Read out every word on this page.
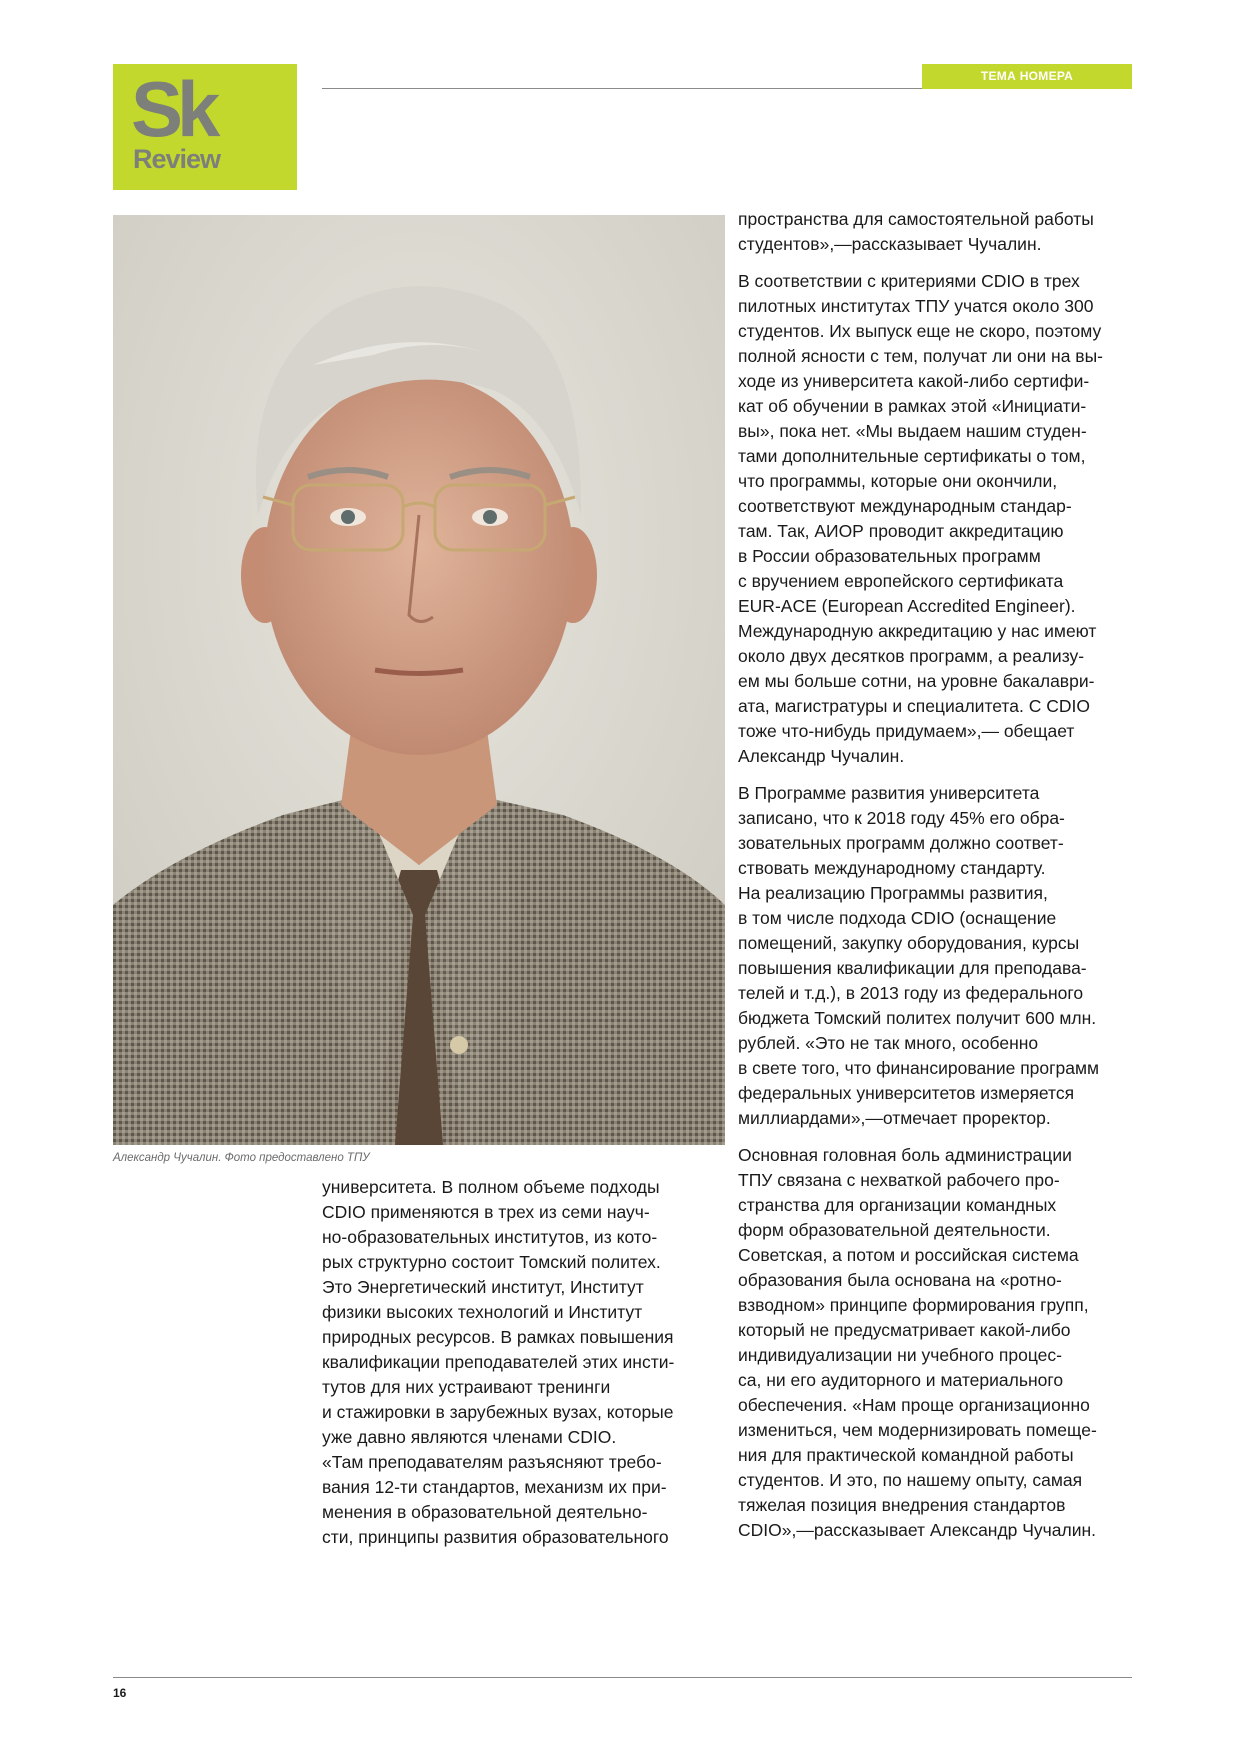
Sk
Review
ТЕМА НОМЕРА
Александр Чучалин. Фото предоставлено ТПУ

университета. В полном объеме подходы
CDIO применяются в трех из семи науч-
но-образовательных институтов, из кото-
рых структурно состоит Томский политех.
Это Энергетический институт, Институт
физики высоких технологий и Институт
природных ресурсов. В рамках повышения
квалификации преподавателей этих инсти-
тутов для них устраивают тренинги
и стажировки в зарубежных вузах, которые
уже давно являются членами CDIO.
«Там преподавателям разъясняют требо-
вания 12-ти стандартов, механизм их при-
менения в образовательной деятельно-
сти, принципы развития образовательного

пространства для самостоятельной работы
студентов»,—рассказывает Чучалин.

В соответствии с критериями CDIO в трех
пилотных институтах ТПУ учатся около 300
студентов. Их выпуск еще не скоро, поэтому
полной ясности с тем, получат ли они на вы-
ходе из университета какой-либо сертифи-
кат об обучении в рамках этой «Инициати-
вы», пока нет. «Мы выдаем нашим студен-
тами дополнительные сертификаты о том,
что программы, которые они окончили,
соответствуют международным стандар-
там. Так, АИОР проводит аккредитацию
в России образовательных программ
с вручением европейского сертификата
EUR-ACE (European Accredited Engineer).
Международную аккредитацию у нас имеют
около двух десятков программ, а реализу-
ем мы больше сотни, на уровне бакалаври-
ата, магистратуры и специалитета. С CDIO
тоже что-нибудь придумаем»,— обещает
Александр Чучалин.

В Программе развития университета
записано, что к 2018 году 45% его обра-
зовательных программ должно соответ-
ствовать международному стандарту.
На реализацию Программы развития,
в том числе подхода CDIO (оснащение
помещений, закупку оборудования, курсы
повышения квалификации для преподава-
телей и т.д.), в 2013 году из федерального
бюджета Томский политех получит 600 млн.
рублей. «Это не так много, особенно
в свете того, что финансирование программ
федеральных университетов измеряется
миллиардами»,—отмечает проректор.

Основная головная боль администрации
ТПУ связана с нехваткой рабочего про-
странства для организации командных
форм образовательной деятельности.
Советская, а потом и российская система
образования была основана на «ротно-
взводном» принципе формирования групп,
который не предусматривает какой-либо
индивидуализации ни учебного процес-
са, ни его аудиторного и материального
обеспечения. «Нам проще организационно
измениться, чем модернизировать помеще-
ния для практической командной работы
студентов. И это, по нашему опыту, самая
тяжелая позиция внедрения стандартов
CDIO»,—рассказывает Александр Чучалин.

16
